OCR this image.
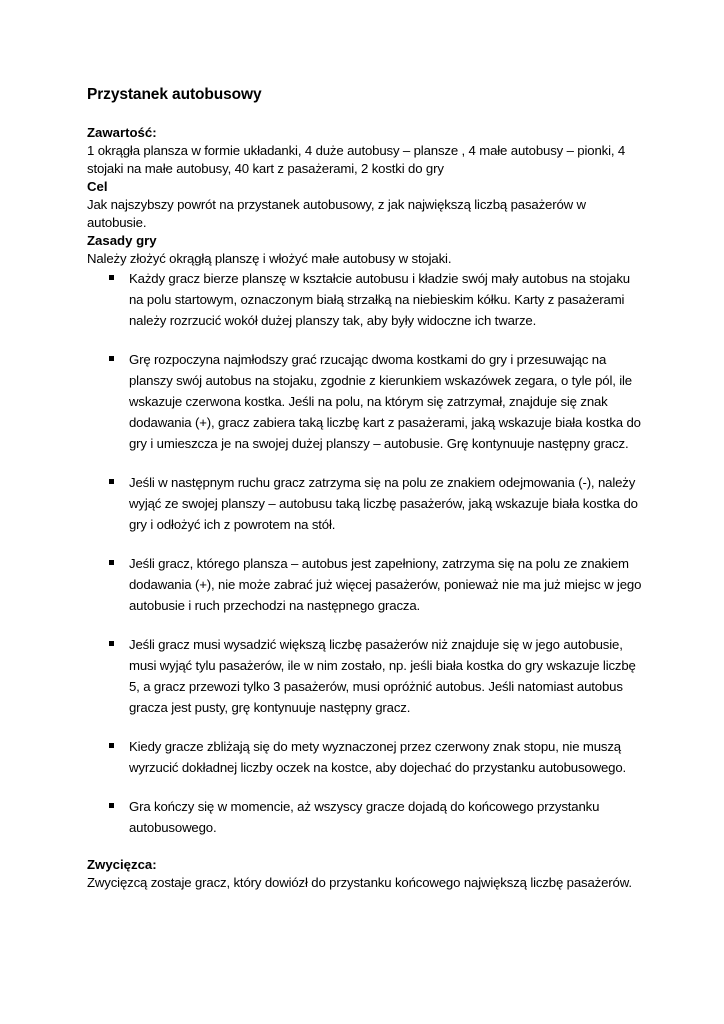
Przystanek autobusowy

Zawartość:

1 okrągła plansza w formie układanki, 4 duże autobusy – plansze , 4 małe autobusy – pionki, 4 stojaki na małe autobusy, 40 kart z pasażerami, 2 kostki do gry

Cel

Jak najszybszy powrót na przystanek autobusowy, z jak największą liczbą pasażerów w autobusie.

Zasady gry

Należy złożyć okrągłą planszę i włożyć małe autobusy w stojaki.

Każdy gracz bierze planszę w kształcie autobusu i kładzie swój mały autobus na stojaku na polu startowym, oznaczonym białą strzałką na niebieskim kółku. Karty z pasażerami należy rozrzucić wokół dużej planszy tak, aby były widoczne ich twarze.
Grę rozpoczyna najmłodszy grać rzucając dwoma kostkami do gry i przesuwając na planszy swój autobus na stojaku, zgodnie z kierunkiem wskazówek zegara, o tyle pól, ile wskazuje czerwona kostka. Jeśli na polu, na którym się zatrzymał, znajduje się znak dodawania (+), gracz zabiera taką liczbę kart z pasażerami, jaką wskazuje biała kostka do gry i umieszcza je na swojej dużej planszy – autobusie. Grę kontynuuje następny gracz.
Jeśli w następnym ruchu gracz zatrzyma się na polu ze znakiem odejmowania (-), należy wyjąć ze swojej planszy – autobusu taką liczbę pasażerów, jaką wskazuje biała kostka do gry i odłożyć ich z powrotem na stół.
Jeśli gracz, którego plansza – autobus jest zapełniony, zatrzyma się na polu ze znakiem dodawania (+), nie może zabrać już więcej pasażerów, ponieważ nie ma już miejsc w jego autobusie i ruch przechodzi na następnego gracza.
Jeśli gracz musi wysadzić większą liczbę pasażerów niż znajduje się w jego autobusie, musi wyjąć tylu pasażerów, ile w nim zostało, np. jeśli biała kostka do gry wskazuje liczbę 5, a gracz przewozi tylko 3 pasażerów, musi opróżnić autobus. Jeśli natomiast autobus gracza jest pusty, grę kontynuuje następny gracz.
Kiedy gracze zbliżają się do mety wyznaczonej przez czerwony znak stopu, nie muszą wyrzucić dokładnej liczby oczek na kostce, aby dojechać do przystanku autobusowego.
Gra kończy się w momencie, aż wszyscy gracze dojadą do końcowego przystanku autobusowego.

Zwycięzca:

Zwycięzcą zostaje gracz, który dowiózł do przystanku końcowego największą liczbę pasażerów.
